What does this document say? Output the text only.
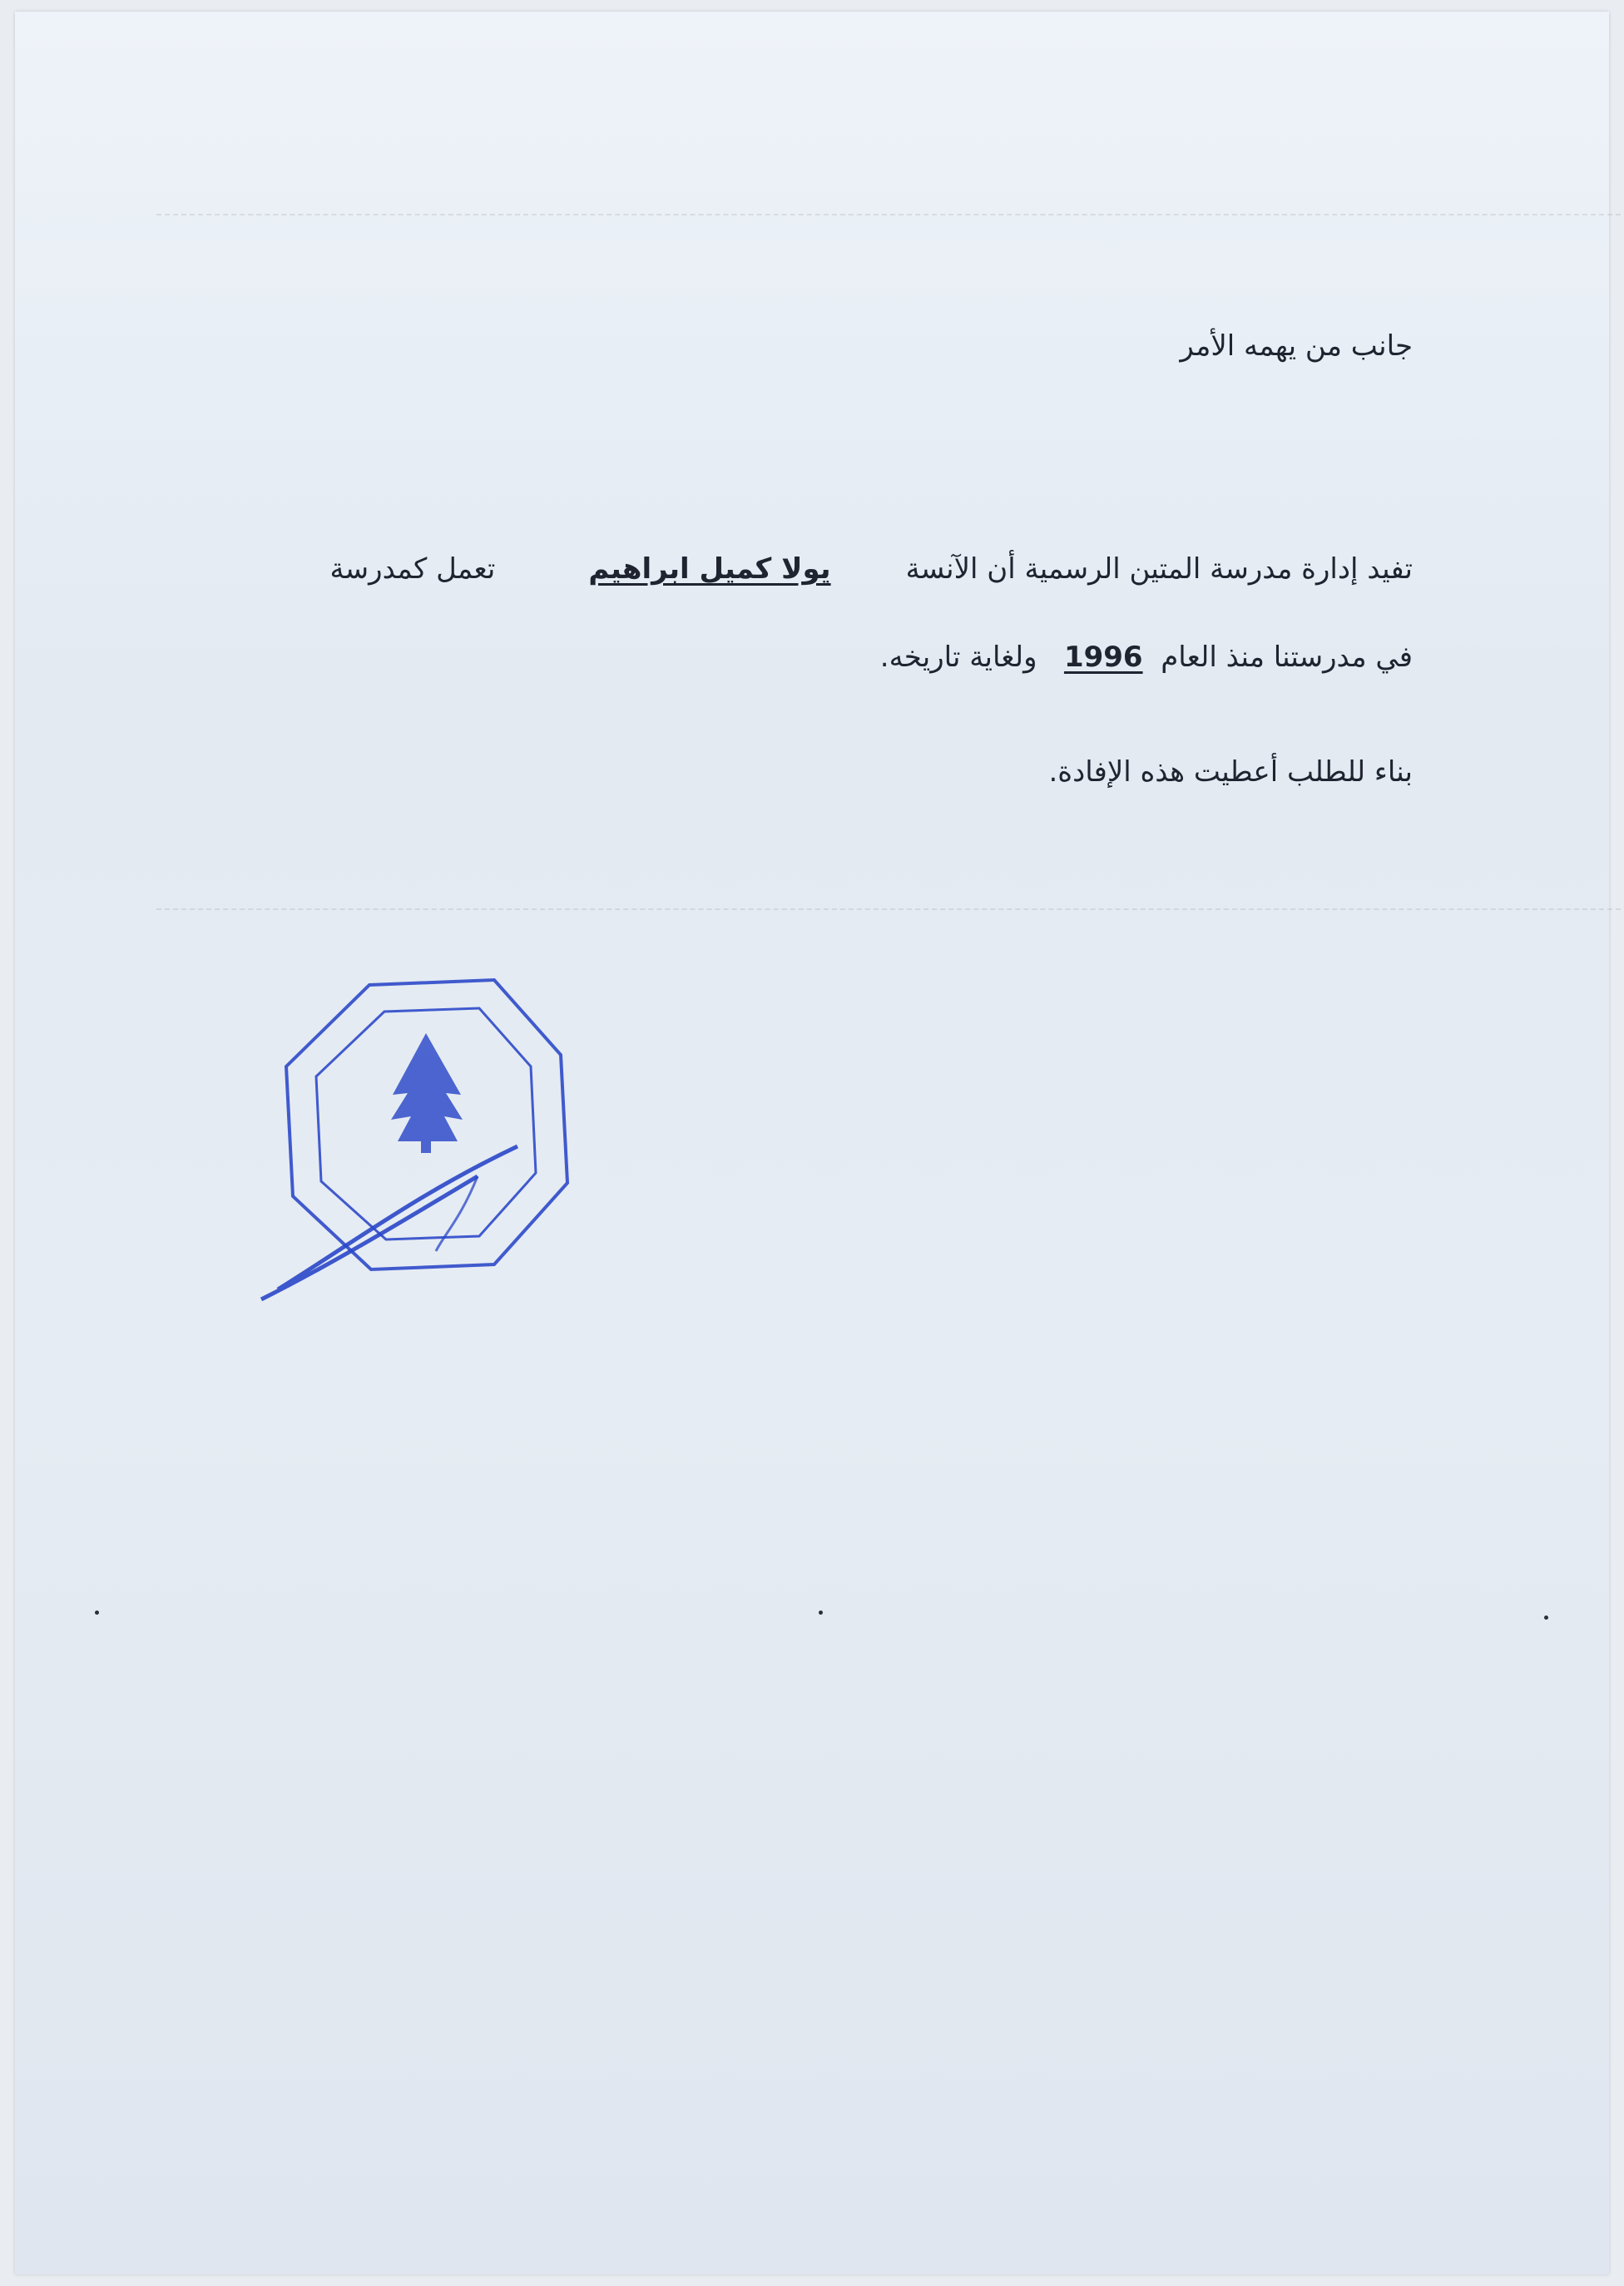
جانب من يهمه الأمر
تفيد إدارة مدرسة المتين الرسمية أن الآنسةيولا كميل ابراهيمتعمل كمدرسة
في مدرستنا منذ العام  1996   ولغاية تاريخه.
بناء للطلب أعطيت هذه الإفادة.
